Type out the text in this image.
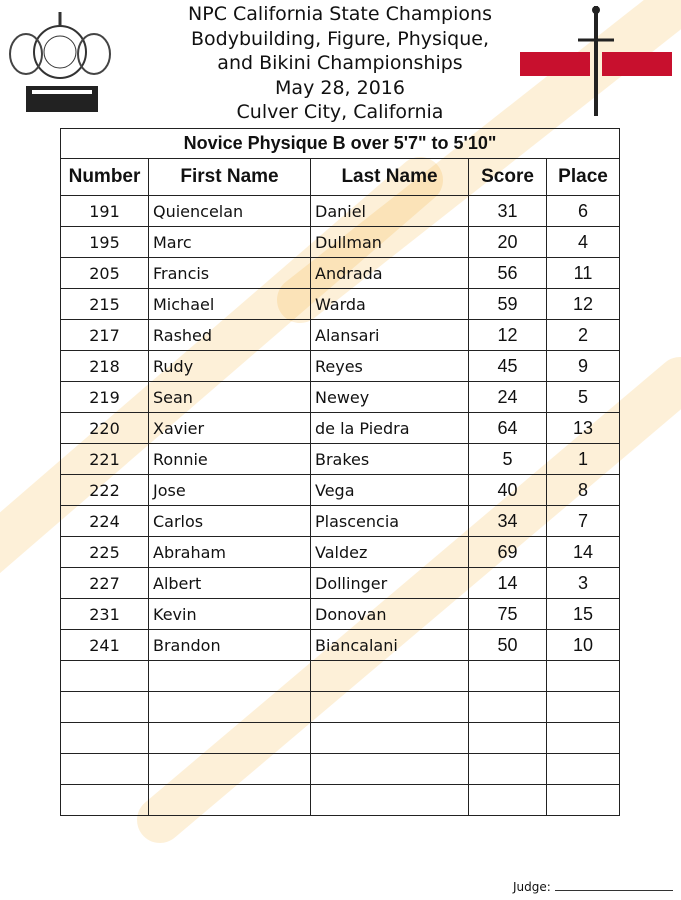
NPC California State Champions
Bodybuilding, Figure, Physique,
and Bikini Championships
May 28, 2016
Culver City, California
Novice Physique B over 5'7" to 5'10"				
Number	First Name	Last Name	Score	Place
191	Quiencelan	Daniel	31	6
195	Marc	Dullman	20	4
205	Francis	Andrada	56	11
215	Michael	Warda	59	12
217	Rashed	Alansari	12	2
218	Rudy	Reyes	45	9
219	Sean	Newey	24	5
220	Xavier	de la Piedra	64	13
221	Ronnie	Brakes	5	1
222	Jose	Vega	40	8
224	Carlos	Plascencia	34	7
225	Abraham	Valdez	69	14
227	Albert	Dollinger	14	3
231	Kevin	Donovan	75	15
241	Brandon	Biancalani	50	10

Judge:
